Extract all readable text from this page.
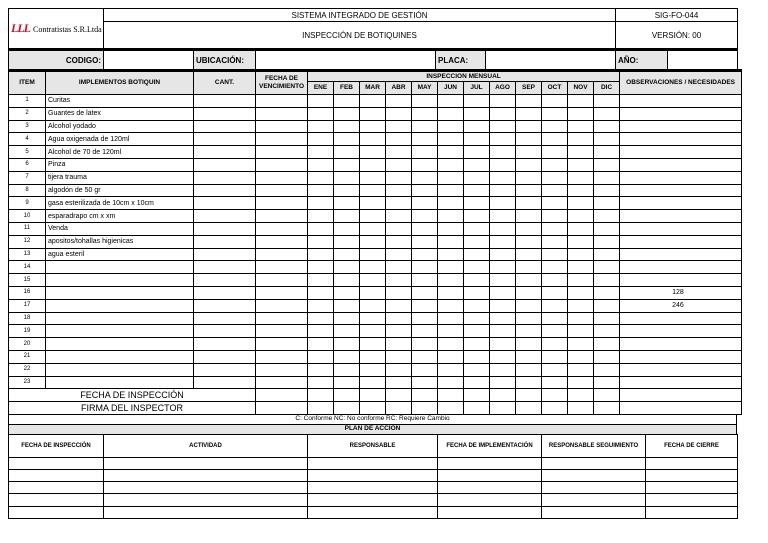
LLL Contratistas S.R.Ltda	SISTEMA INTEGRADO DE GESTIÓN	SIG-FO-044
	INSPECCIÓN DE BOTIQUINES	VERSIÓN: 00
CODIGO:		UBICACIÓN:		PLACA:		AÑO:	
ITEM	IMPLEMENTOS BOTIQUIN	CANT.	FECHA DE VENCIMIENTO	INSPECCION MENSUAL												OBSERVACIONES / NECESIDADES
				ENE	FEB	MAR	ABR	MAY	JUN	JUL	AGO	SEP	OCT	NOV	DIC	
1	Curitas															
2	Guantes de latex															
3	Alcohol yodado															
4	Agua oxigenada de 120ml															
5	Alcohol de 70 de 120ml															
6	Pinza															
7	tijera trauma															
8	algodón de 50 gr															
9	gasa esterilizada de 10cm x 10cm															
10	esparadrapo cm x xm															
11	Venda															
12	apositos/tohallas higienicas															
13	agua esteril															
14																
15																
16																128
17																246
18																
19																
20																
21																
22																
23																
FECHA DE INSPECCIÓN																
FIRMA DEL INSPECTOR																
C: Conforme NC: No conforme RC: Requiere Cambio
PLAN DE ACCIÓN
FECHA DE INSPECCIÓN	ACTIVIDAD	RESPONSABLE	FECHA DE IMPLEMENTACIÓN	RESPONSABLE SEGUIMIENTO	FECHA DE CIERRE
